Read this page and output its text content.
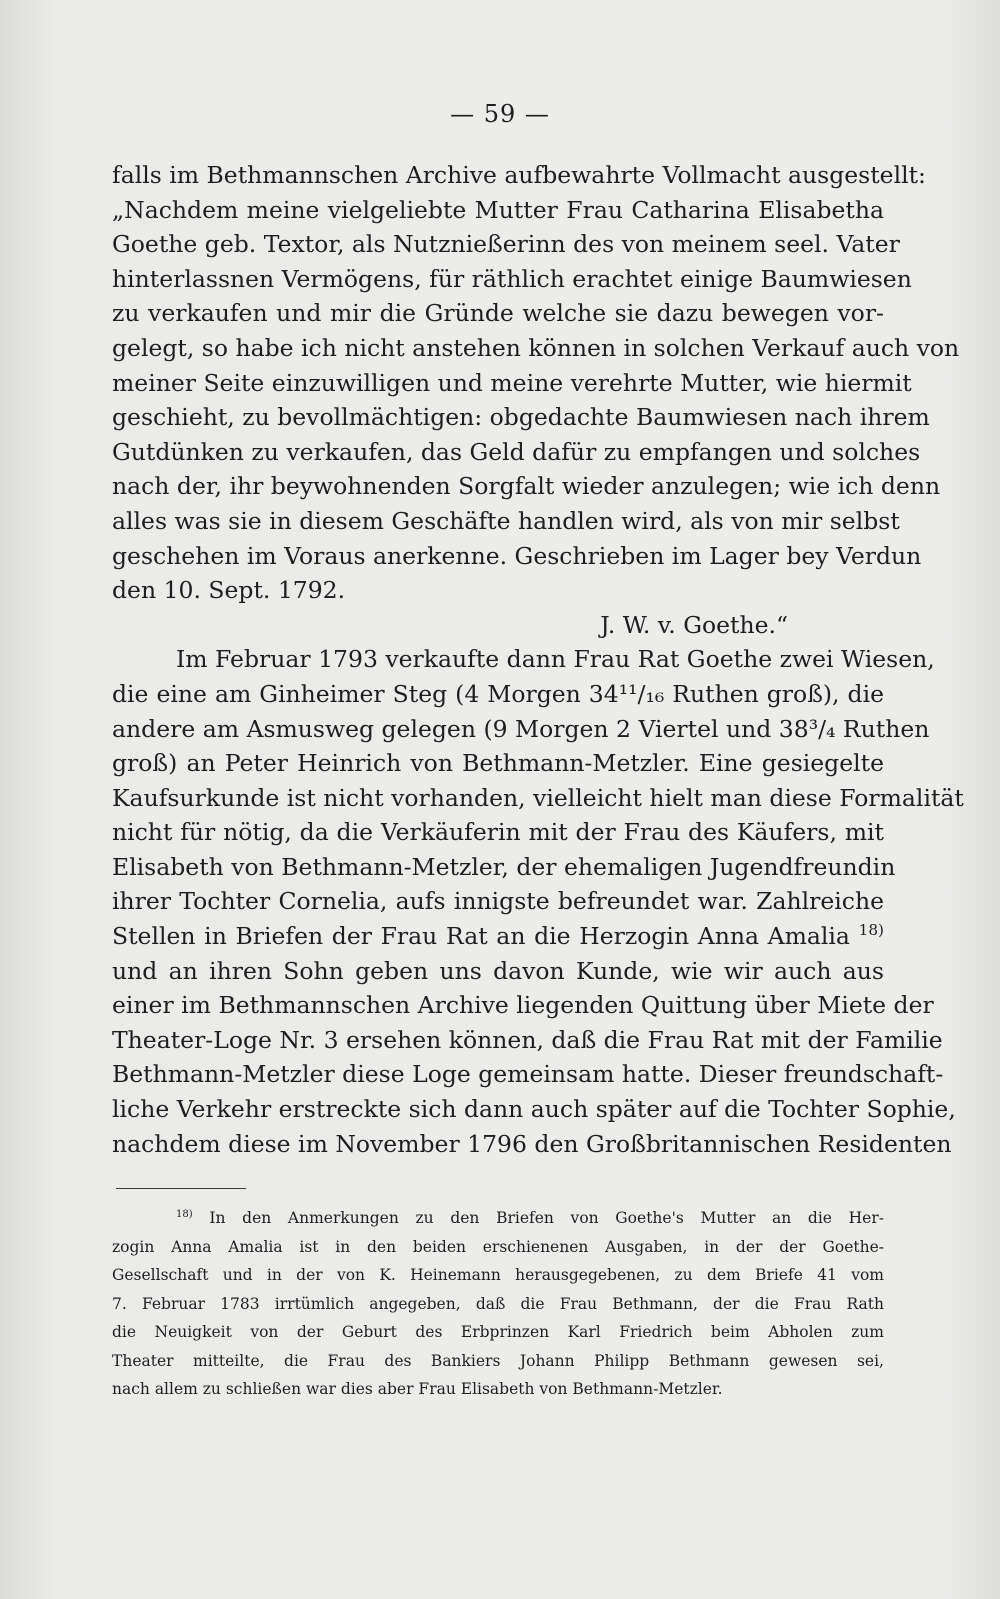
— 59 —

falls im Bethmannschen Archive aufbewahrte Vollmacht ausgestellt:
„Nachdem meine vielgeliebte Mutter Frau Catharina Elisabetha
Goethe geb. Textor, als Nutznießerinn des von meinem seel. Vater
hinterlassnen Vermögens, für räthlich erachtet einige Baumwiesen
zu verkaufen und mir die Gründe welche sie dazu bewegen vor-
gelegt, so habe ich nicht anstehen können in solchen Verkauf auch von
meiner Seite einzuwilligen und meine verehrte Mutter, wie hiermit
geschieht, zu bevollmächtigen: obgedachte Baumwiesen nach ihrem
Gutdünken zu verkaufen, das Geld dafür zu empfangen und solches
nach der, ihr beywohnenden Sorgfalt wieder anzulegen; wie ich denn
alles was sie in diesem Geschäfte handlen wird, als von mir selbst
geschehen im Voraus anerkenne. Geschrieben im Lager bey Verdun
den 10. Sept. 1792.
J. W. v. Goethe.“

Im Februar 1793 verkaufte dann Frau Rat Goethe zwei Wiesen,
die eine am Ginheimer Steg (4 Morgen 34¹¹/₁₆ Ruthen groß), die
andere am Asmusweg gelegen (9 Morgen 2 Viertel und 38³/₄ Ruthen
groß) an Peter Heinrich von Bethmann-Metzler. Eine gesiegelte
Kaufsurkunde ist nicht vorhanden, vielleicht hielt man diese Formalität
nicht für nötig, da die Verkäuferin mit der Frau des Käufers, mit
Elisabeth von Bethmann-Metzler, der ehemaligen Jugendfreundin
ihrer Tochter Cornelia, aufs innigste befreundet war. Zahlreiche
Stellen in Briefen der Frau Rat an die Herzogin Anna Amalia $^{18)}$
und an ihren Sohn geben uns davon Kunde, wie wir auch aus
einer im Bethmannschen Archive liegenden Quittung über Miete der
Theater-Loge Nr. 3 ersehen können, daß die Frau Rat mit der Familie
Bethmann-Metzler diese Loge gemeinsam hatte. Dieser freundschaft-
liche Verkehr erstreckte sich dann auch später auf die Tochter Sophie,
nachdem diese im November 1796 den Großbritannischen Residenten

$^{18)}$ In den Anmerkungen zu den Briefen von Goethe's Mutter an die Her-
zogin Anna Amalia ist in den beiden erschienenen Ausgaben, in der der Goethe-
Gesellschaft und in der von K. Heinemann herausgegebenen, zu dem Briefe 41 vom
7. Februar 1783 irrtümlich angegeben, daß die Frau Bethmann, der die Frau Rath
die Neuigkeit von der Geburt des Erbprinzen Karl Friedrich beim Abholen zum
Theater mitteilte, die Frau des Bankiers Johann Philipp Bethmann gewesen sei,
nach allem zu schließen war dies aber Frau Elisabeth von Bethmann-Metzler.
